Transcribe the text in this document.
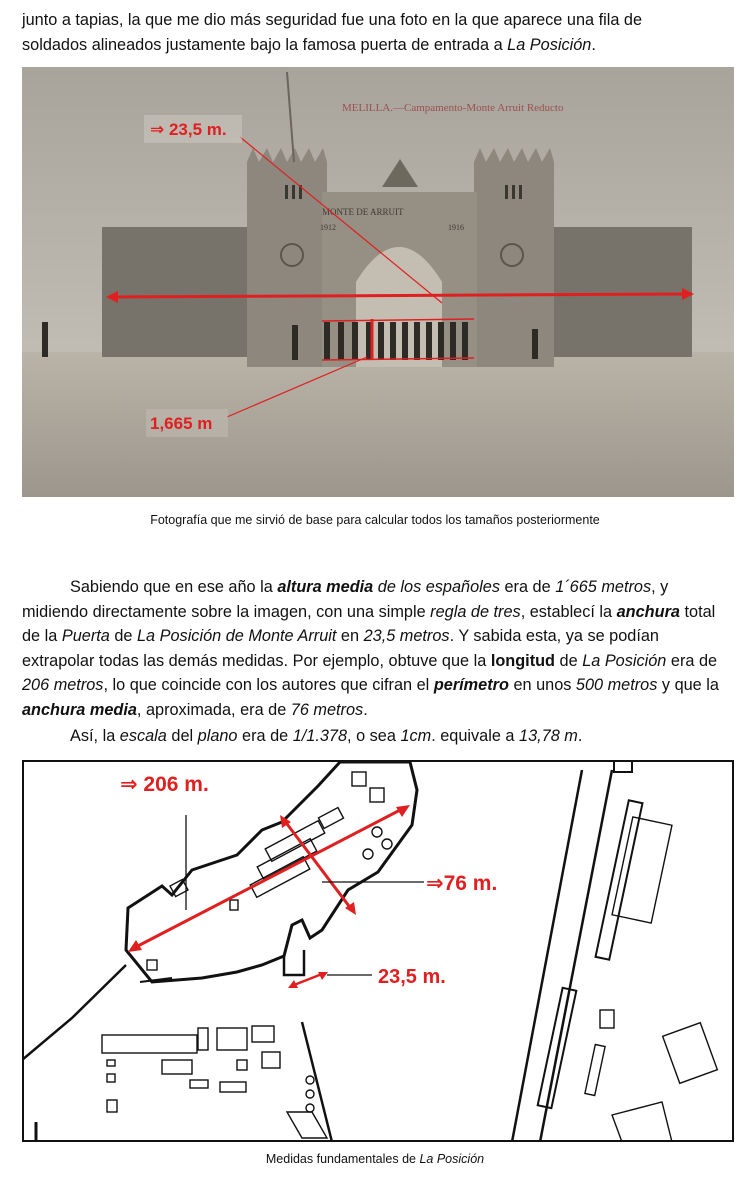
junto a tapias, la que me dio más seguridad fue una foto en la que aparece una fila de
soldados alineados justamente bajo la famosa puerta de entrada a La Posición.
MONTE DE ARRUIT
1912	1916
MELILLA.—Campamento-Monte Arruit Reducto
⇒ 23,5 m.
1,665 m
Fotografía que me sirvió de base para calcular todos los tamaños posteriormente
Sabiendo que en ese año la altura media de los españoles era de 1´665 metros, y midiendo directamente sobre la imagen, con una simple regla de tres, establecí la anchura total de la Puerta de La Posición de Monte Arruit en 23,5 metros. Y sabida esta, ya se podían extrapolar todas las demás medidas. Por ejemplo, obtuve que la longitud de La Posición era de 206 metros, lo que coincide con los autores que cifran el perímetro en unos 500 metros y que la anchura media, aproximada, era de 76 metros.
Así, la escala del plano era de 1/1.378, o sea 1cm. equivale a 13,78 m.
⇒ 206 m.
⇒76 m.
23,5 m.
Medidas fundamentales de La Posición
